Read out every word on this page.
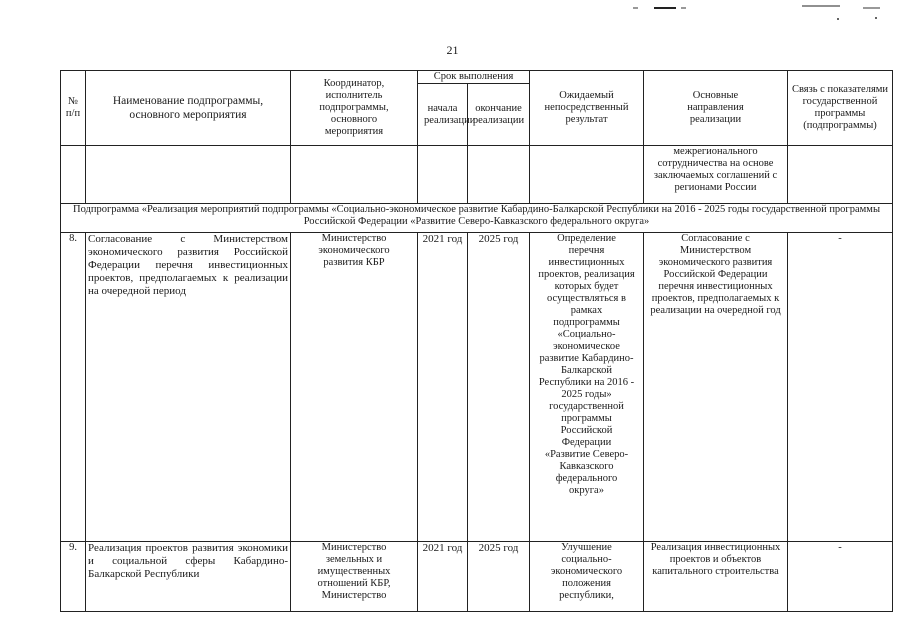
21
№ п/п	Наименование подпрограммы, основного мероприятия	Координатор, исполнитель подпрограммы, основного мероприятия	Срок выполнения		Ожидаемый непосредственный результат	Основные направления реализации	Связь с показателями государственной программы (подпрограммы)
			начала реализации	окончание реализации			
						межрегионального сотрудничества на основе заключаемых соглашений с регионами России	
Подпрограмма «Реализация мероприятий подпрограммы «Социально-экономическое развитие Кабардино-Балкарской Республики на 2016 - 2025 годы государственной программы Российской Федерации «Развитие Северо-Кавказского федерального округа»							
8.	Согласование с Министерством экономического развития Российской Федерации перечня инвестиционных проектов, предполагаемых к реализации на очередной период	Министерство экономического развития КБР	2021 год	2025 год	Определение перечня инвестиционных проектов, реализация которых будет осуществляться в рамках подпрограммы «Социально-экономическое развитие Кабардино-Балкарской Республики на 2016 - 2025 годы» государственной программы Российской Федерации «Развитие Северо-Кавказского федерального округа»	Согласование с Министерством экономического развития Российской Федерации перечня инвестиционных проектов, предполагаемых к реализации на очередной год	-
9.	Реализация проектов развития экономики и социальной сферы Кабардино-Балкарской Республики	Министерство земельных и имущественных отношений КБР, Министерство	2021 год	2025 год	Улучшение социально-экономического положения республики,	Реализация инвестиционных проектов и объектов капитального строительства	-
